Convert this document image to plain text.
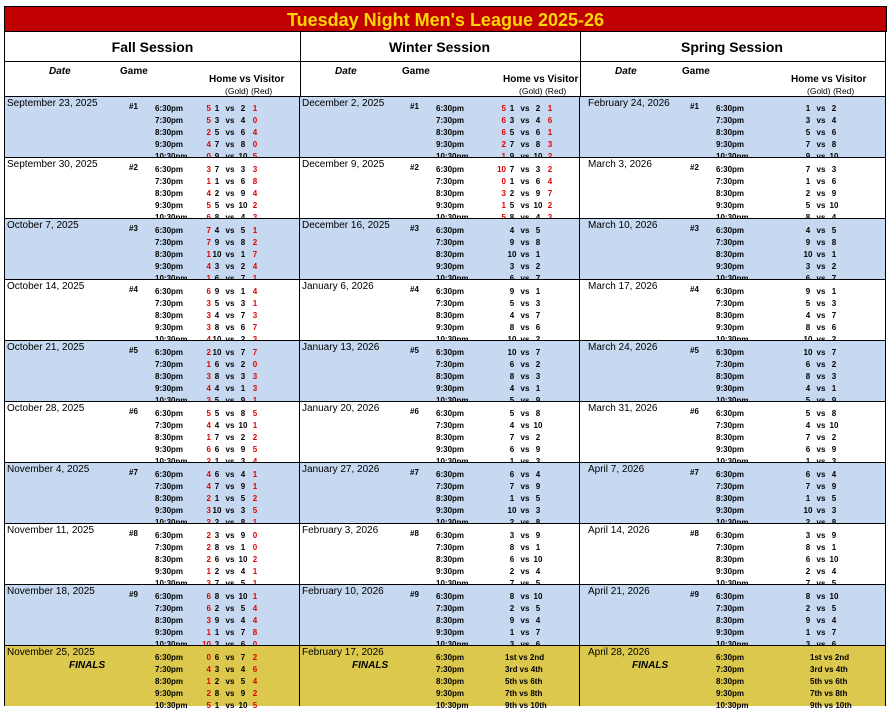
Tuesday Night Men's League 2025-26
Fall Session
Date	Game
Home vs Visitor
(Gold) (Red)
September 23, 2025	#1 6:30pm	5 1 vs 2 1
7:30pm	5 3 vs 4 0
8:30pm	2 5 vs 6 4
9:30pm	4 7 vs 8 0
September 30, 2025	#2 6:30pm	3 7 vs 3 3
7:30pm	1 1 vs 6 8
8:30pm	4 2 vs 9 4
9:30pm	5 5 vs 10 2
October 7, 2025	#3 6:30pm	7 4 vs 5 1
7:30pm	7 9 vs 8 2
8:30pm	1 10 vs 1 7
9:30pm	4 3 vs 2 4
October 14, 2025	#4 6:30pm	6 9 vs 1 4
7:30pm	3 5 vs 3 1
8:30pm	3 4 vs 7 3
9:30pm	3 8 vs 6 7
October 21, 2025	#5 6:30pm	2 10 vs 7 7
7:30pm	1 6 vs 2 0
8:30pm	3 8 vs 3 3
9:30pm	4 4 vs 1 3
October 28, 2025	#6 6:30pm	5 5 vs 8 5
7:30pm	4 4 vs 10 1
8:30pm	1 7 vs 2 2
9:30pm	6 6 vs 9 5
November 4, 2025	#7 6:30pm	4 6 vs 4 1
7:30pm	4 7 vs 9 1
8:30pm	2 1 vs 5 2
9:30pm	3 10 vs 3 5
November 11, 2025	#8 6:30pm	2 3 vs 9 0
7:30pm	2 8 vs 1 0
8:30pm	2 6 vs 10 2
9:30pm	1 2 vs 4 1
November 18, 2025	#9 6:30pm	6 8 vs 10 1
7:30pm	6 2 vs 5 4
8:30pm	3 9 vs 4 4
9:30pm	1 1 vs 7 8
November 25, 2025
FINALS
6:30pm	0 6 vs 7 2
7:30pm	4 3 vs 4 6
8:30pm	1 2 vs 5 4
9:30pm	2 8 vs 9 2
10:30pm	5 1 vs 10 5
Winter Session
Date	Game
Home vs Visitor
(Gold) (Red)
December 2, 2025	#1 6:30pm	5 1 vs 2 1
7:30pm	6 3 vs 4 6
8:30pm	6 5 vs 6 1
9:30pm	2 7 vs 8 3
December 9, 2025	#2 6:30pm	10 7 vs 3 2
7:30pm	0 1 vs 6 4
8:30pm	3 2 vs 9 7
9:30pm	1 5 vs 10 2
December 16, 2025	#3 6:30pm	4 vs 5
7:30pm	9 vs 8
8:30pm	10 vs 1
9:30pm	3 vs 2
January 6, 2026	#4 6:30pm	9 vs 1
7:30pm	5 vs 3
8:30pm	4 vs 7
9:30pm	8 vs 6
January 13, 2026	#5 6:30pm	10 vs 7
7:30pm	6 vs 2
8:30pm	8 vs 3
9:30pm	4 vs 1
January 20, 2026	#6 6:30pm	5 vs 8
7:30pm	4 vs 10
8:30pm	7 vs 2
9:30pm	6 vs 9
January 27, 2026	#7 6:30pm	6 vs 4
7:30pm	7 vs 9
8:30pm	1 vs 5
9:30pm	10 vs 3
February 3, 2026	#8 6:30pm	3 vs 9
7:30pm	8 vs 1
8:30pm	6 vs 10
9:30pm	2 vs 4
February 10, 2026	#9 6:30pm	8 vs 10
7:30pm	2 vs 5
8:30pm	9 vs 4
9:30pm	1 vs 7
February 17, 2026
FINALS
6:30pm	1st vs 2nd
7:30pm	3rd vs 4th
8:30pm	5th vs 6th
9:30pm	7th vs 8th
10:30pm	9th vs 10th
Spring Session
Date	Game
Home vs Visitor
(Gold) (Red)
February 24, 2026	#1 6:30pm	1 vs 2
7:30pm	3 vs 4
8:30pm	5 vs 6
9:30pm	7 vs 8
March 3, 2026	#2 6:30pm	7 vs 3
7:30pm	1 vs 6
8:30pm	2 vs 9
9:30pm	5 vs 10
March 10, 2026	#3 6:30pm	4 vs 5
7:30pm	9 vs 8
8:30pm	10 vs 1
9:30pm	3 vs 2
March 17, 2026	#4 6:30pm	9 vs 1
7:30pm	5 vs 3
8:30pm	4 vs 7
9:30pm	8 vs 6
March 24, 2026	#5 6:30pm	10 vs 7
7:30pm	6 vs 2
8:30pm	8 vs 3
9:30pm	4 vs 1
March 31, 2026	#6 6:30pm	5 vs 8
7:30pm	4 vs 10
8:30pm	7 vs 2
9:30pm	6 vs 9
April 7, 2026	#7 6:30pm	6 vs 4
7:30pm	7 vs 9
8:30pm	1 vs 5
9:30pm	10 vs 3
April 14, 2026	#8 6:30pm	3 vs 9
7:30pm	8 vs 1
8:30pm	6 vs 10
9:30pm	2 vs 4
April 21, 2026	#9 6:30pm	8 vs 10
7:30pm	2 vs 5
8:30pm	9 vs 4
9:30pm	1 vs 7
April 28, 2026
FINALS
6:30pm	1st vs 2nd
7:30pm	3rd vs 4th
8:30pm	5th vs 6th
9:30pm	7th vs 8th
10:30pm	9th vs 10th
